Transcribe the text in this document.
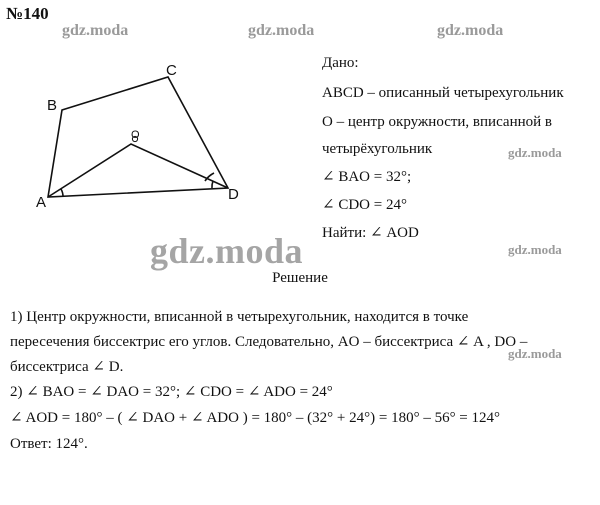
№140
gdz.moda	gdz.moda	gdz.moda
gdz.moda
gdz.moda
gdz.moda
gdz.moda
A
B
C
D
O
Дано:
ABCD – описанный четырехугольник
O – центр окружности, вписанной в
четырёхугольник
∠ BAO = 32°;
∠ CDO = 24°
Найти: ∠ AOD
Решение
1) Центр окружности, вписанной в четырехугольник, находится в точке
пересечения биссектрис его углов. Следовательно, AO – биссектриса ∠ A , DO –
биссектриса ∠ D.
2) ∠ BAO = ∠ DAO = 32°; ∠ CDO = ∠ ADO = 24°
∠ AOD = 180° – ( ∠ DAO + ∠ ADO ) = 180° – (32° + 24°) = 180° – 56° = 124°
Ответ: 124°.
